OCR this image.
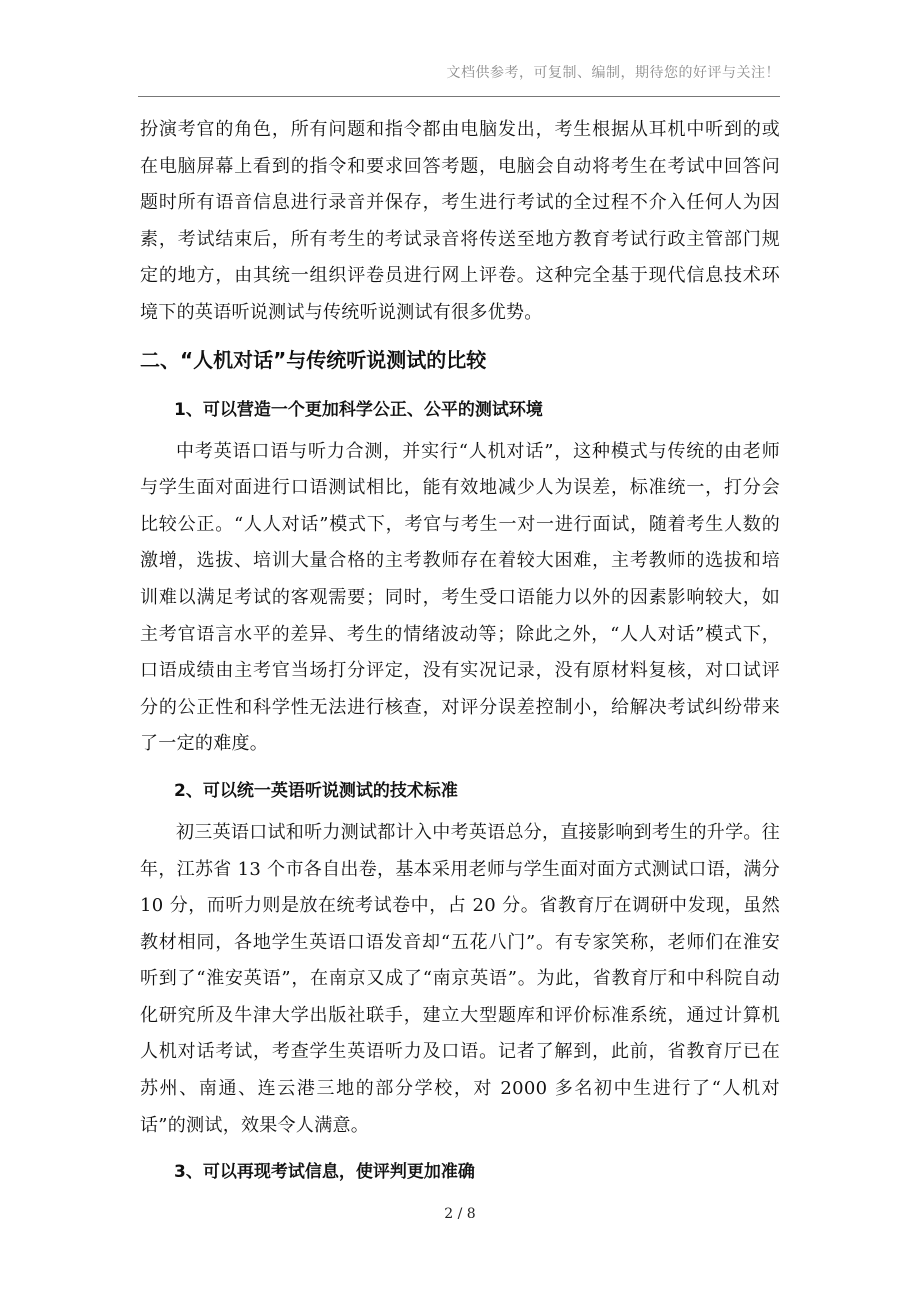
文档供参考，可复制、编制，期待您的好评与关注！

扮演考官的角色，所有问题和指令都由电脑发出，考生根据从耳机中听到的或在电脑屏幕上看到的指令和要求回答考题，电脑会自动将考生在考试中回答问题时所有语音信息进行录音并保存，考生进行考试的全过程不介入任何人为因素，考试结束后，所有考生的考试录音将传送至地方教育考试行政主管部门规定的地方，由其统一组织评卷员进行网上评卷。这种完全基于现代信息技术环境下的英语听说测试与传统听说测试有很多优势。

二、“人机对话”与传统听说测试的比较
1、可以营造一个更加科学公正、公平的测试环境

中考英语口语与听力合测，并实行“人机对话”，这种模式与传统的由老师与学生面对面进行口语测试相比，能有效地减少人为误差，标准统一，打分会比较公正。“人人对话”模式下，考官与考生一对一进行面试，随着考生人数的激增，选拔、培训大量合格的主考教师存在着较大困难，主考教师的选拔和培训难以满足考试的客观需要；同时，考生受口语能力以外的因素影响较大，如主考官语言水平的差异、考生的情绪波动等；除此之外，“人人对话”模式下，口语成绩由主考官当场打分评定，没有实况记录，没有原材料复核，对口试评分的公正性和科学性无法进行核查，对评分误差控制小，给解决考试纠纷带来了一定的难度。

2、可以统一英语听说测试的技术标准

初三英语口试和听力测试都计入中考英语总分，直接影响到考生的升学。往年，江苏省 13 个市各自出卷，基本采用老师与学生面对面方式测试口语，满分 10 分，而听力则是放在统考试卷中，占 20 分。省教育厅在调研中发现，虽然教材相同，各地学生英语口语发音却“五花八门”。有专家笑称，老师们在淮安听到了“淮安英语”，在南京又成了“南京英语”。为此，省教育厅和中科院自动化研究所及牛津大学出版社联手，建立大型题库和评价标准系统，通过计算机人机对话考试，考查学生英语听力及口语。记者了解到，此前，省教育厅已在苏州、南通、连云港三地的部分学校，对 2000 多名初中生进行了“人机对话”的测试，效果令人满意。

3、可以再现考试信息，使评判更加准确
2 / 8
